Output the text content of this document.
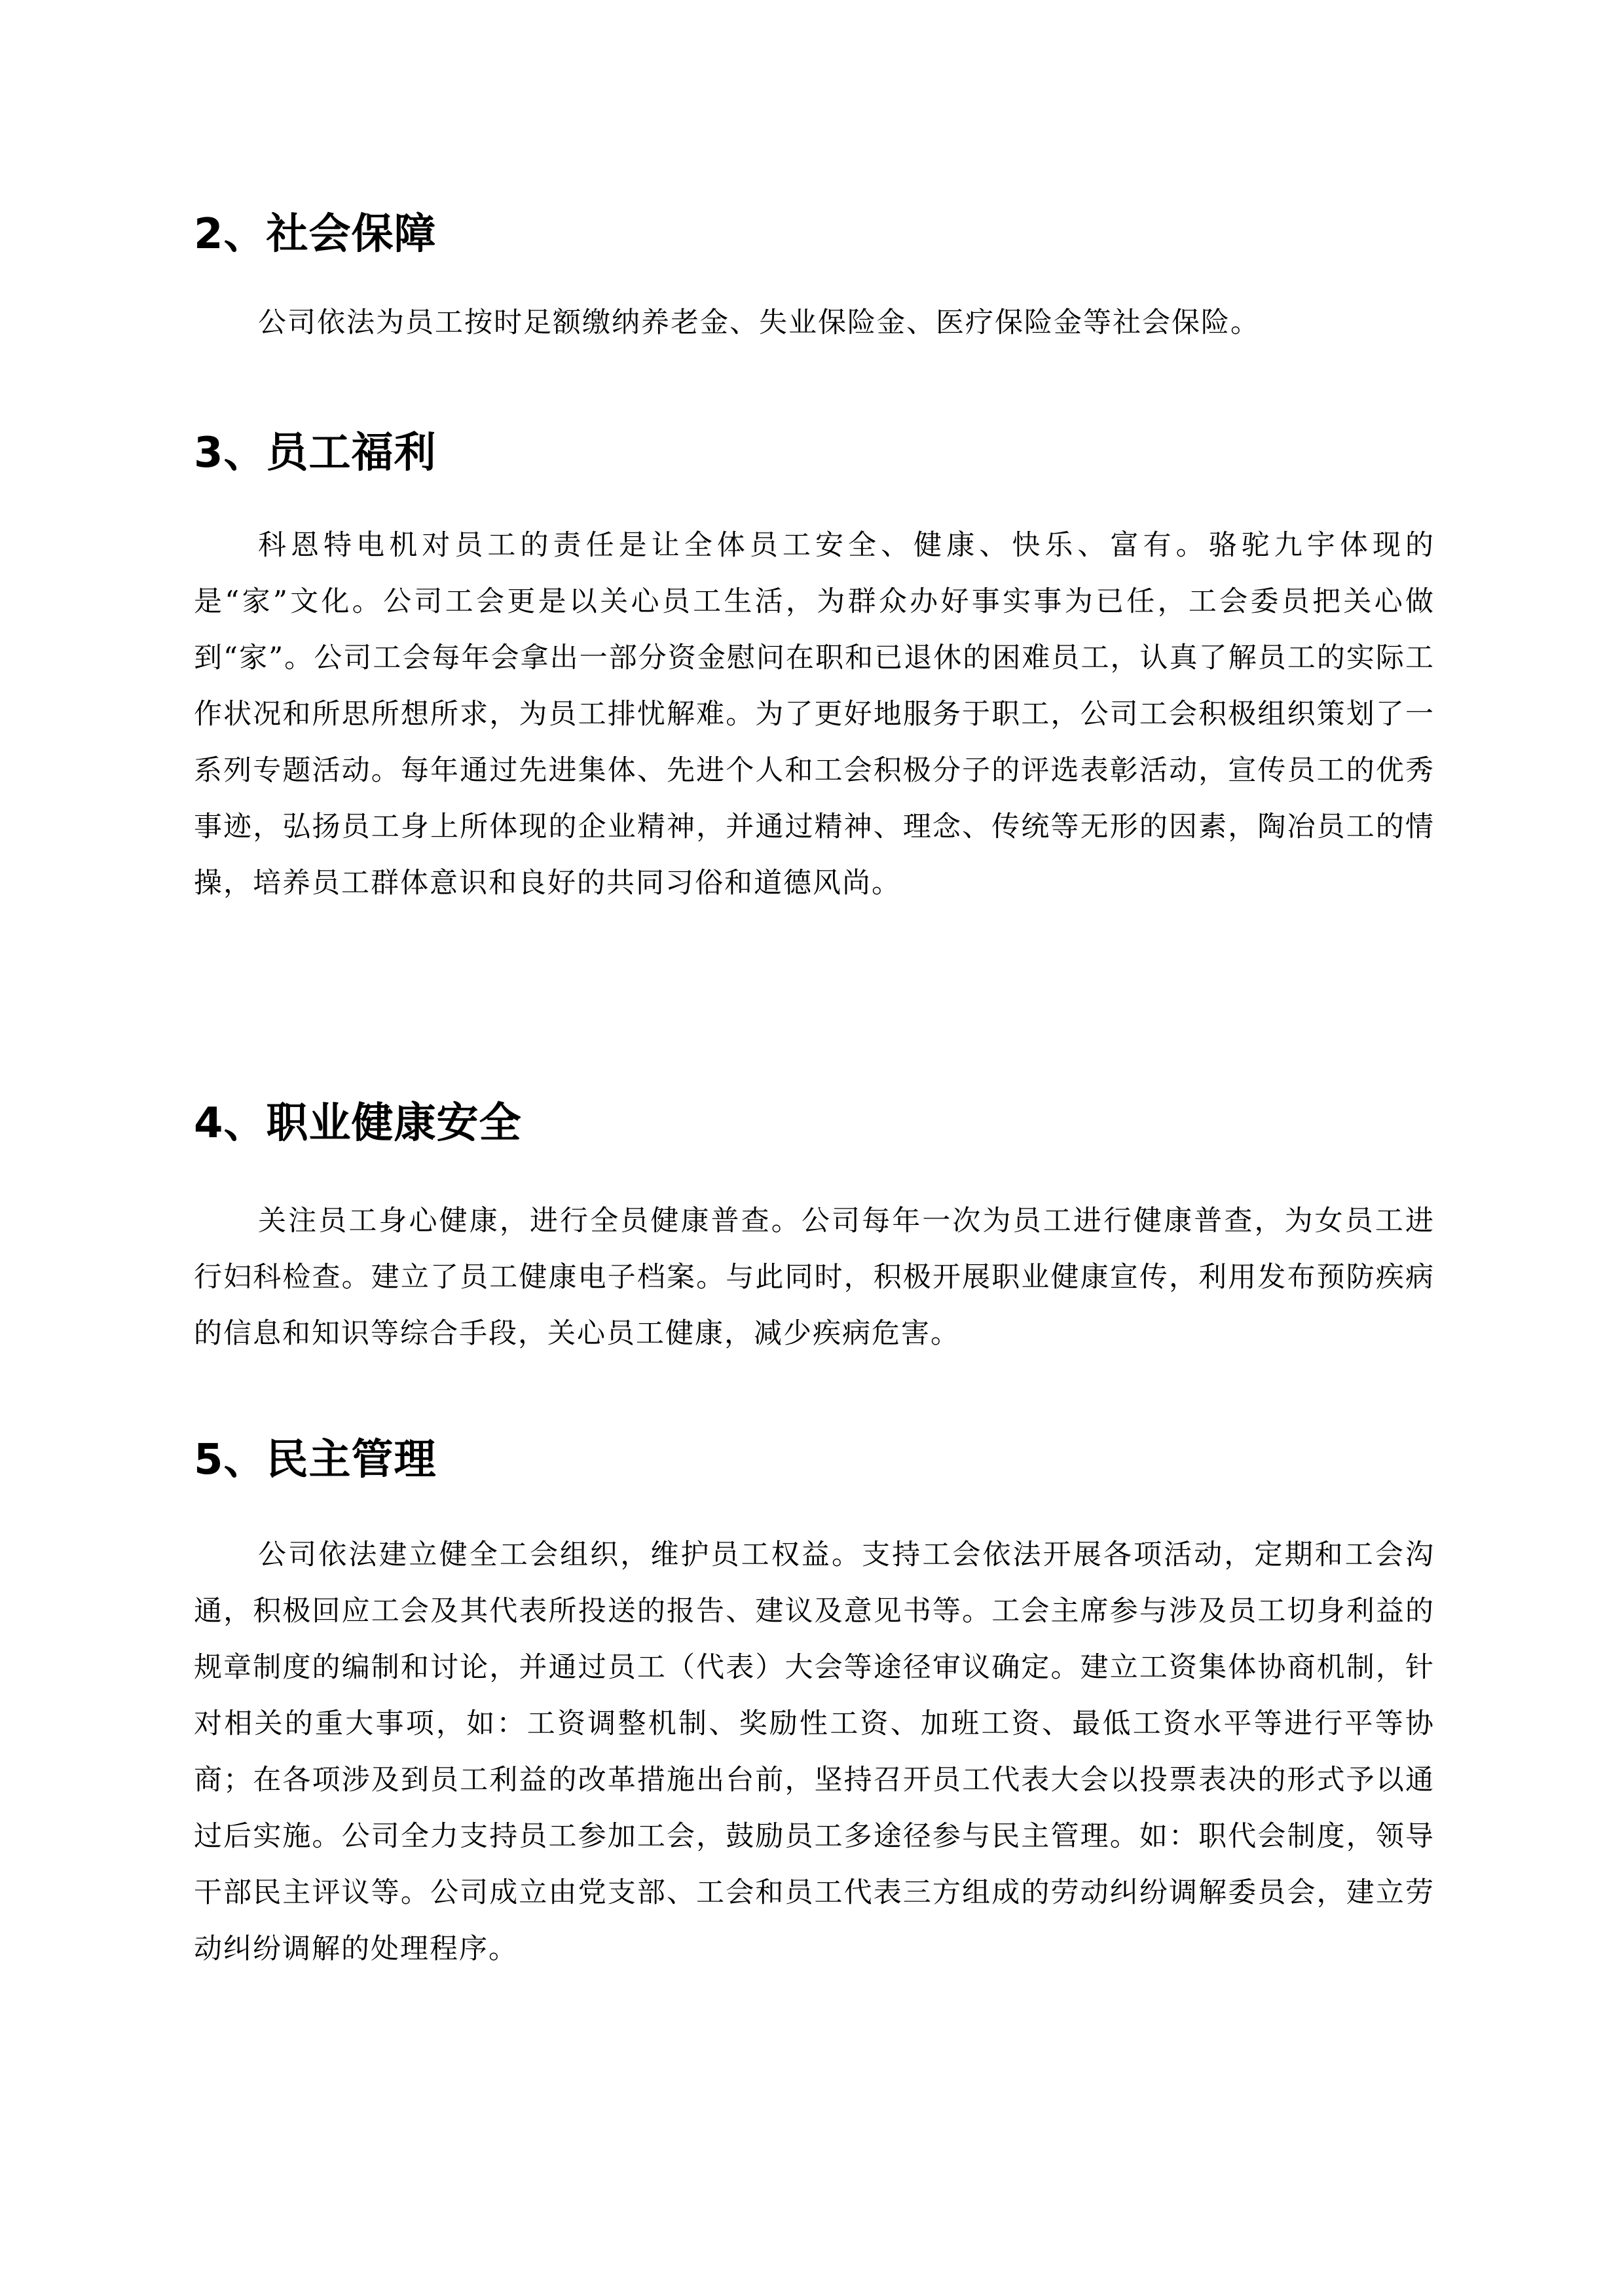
2、社会保障

公司依法为员工按时足额缴纳养老金、失业保险金、医疗保险金等社会保险。

3、员工福利

科恩特电机对员工的责任是让全体员工安全、健康、快乐、富有。骆驼九宇体现的是“家”文化。公司工会更是以关心员工生活，为群众办好事实事为已任，工会委员把关心做到“家”。公司工会每年会拿出一部分资金慰问在职和已退休的困难员工，认真了解员工的实际工作状况和所思所想所求，为员工排忧解难。为了更好地服务于职工，公司工会积极组织策划了一系列专题活动。每年通过先进集体、先进个人和工会积极分子的评选表彰活动，宣传员工的优秀事迹，弘扬员工身上所体现的企业精神，并通过精神、理念、传统等无形的因素，陶冶员工的情操，培养员工群体意识和良好的共同习俗和道德风尚。

4、职业健康安全

关注员工身心健康，进行全员健康普查。公司每年一次为员工进行健康普查，为女员工进行妇科检查。建立了员工健康电子档案。与此同时，积极开展职业健康宣传，利用发布预防疾病的信息和知识等综合手段，关心员工健康，减少疾病危害。

5、民主管理

公司依法建立健全工会组织，维护员工权益。支持工会依法开展各项活动，定期和工会沟通，积极回应工会及其代表所投送的报告、建议及意见书等。工会主席参与涉及员工切身利益的规章制度的编制和讨论，并通过员工（代表）大会等途径审议确定。建立工资集体协商机制，针对相关的重大事项，如：工资调整机制、奖励性工资、加班工资、最低工资水平等进行平等协商；在各项涉及到员工利益的改革措施出台前，坚持召开员工代表大会以投票表决的形式予以通过后实施。公司全力支持员工参加工会，鼓励员工多途径参与民主管理。如：职代会制度，领导干部民主评议等。公司成立由党支部、工会和员工代表三方组成的劳动纠纷调解委员会，建立劳动纠纷调解的处理程序。
